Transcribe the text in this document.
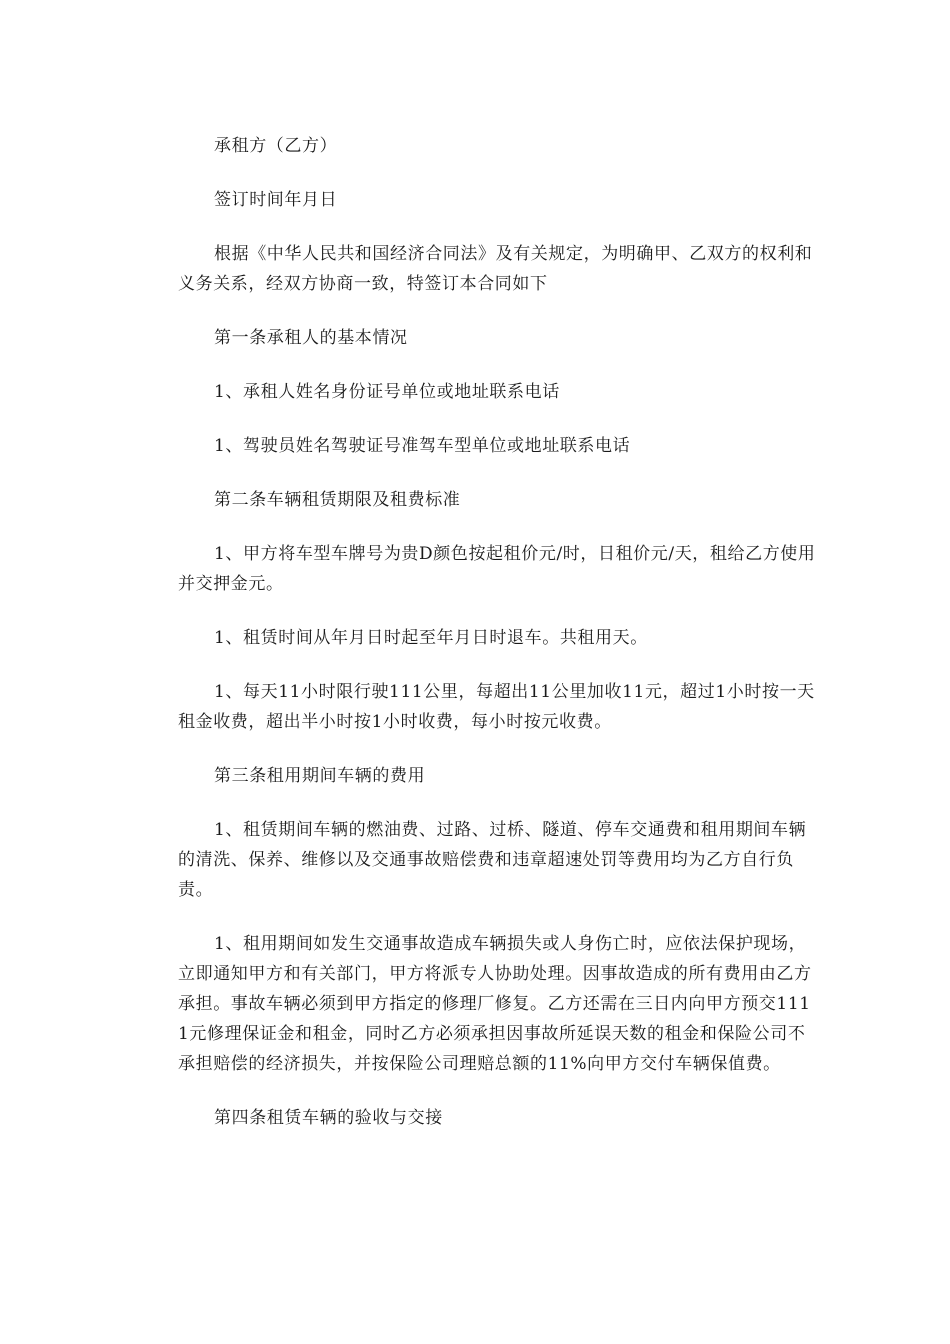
承租方（乙方）

签订时间年月日

根据《中华人民共和国经济合同法》及有关规定，为明确甲、乙双方的权利和义务关系，经双方协商一致，特签订本合同如下

第一条承租人的基本情况

1、承租人姓名身份证号单位或地址联系电话

1、驾驶员姓名驾驶证号准驾车型单位或地址联系电话

第二条车辆租赁期限及租费标准

1、甲方将车型车牌号为贵D颜色按起租价元/时，日租价元/天，租给乙方使用并交押金元。

1、租赁时间从年月日时起至年月日时退车。共租用天。

1、每天11小时限行驶111公里，每超出11公里加收11元，超过1小时按一天租金收费，超出半小时按1小时收费，每小时按元收费。

第三条租用期间车辆的费用

1、租赁期间车辆的燃油费、过路、过桥、隧道、停车交通费和租用期间车辆的清洗、保养、维修以及交通事故赔偿费和违章超速处罚等费用均为乙方自行负责。

1、租用期间如发生交通事故造成车辆损失或人身伤亡时，应依法保护现场，立即通知甲方和有关部门，甲方将派专人协助处理。因事故造成的所有费用由乙方承担。事故车辆必须到甲方指定的修理厂修复。乙方还需在三日内向甲方预交1111元修理保证金和租金，同时乙方必须承担因事故所延误天数的租金和保险公司不承担赔偿的经济损失，并按保险公司理赔总额的11%向甲方交付车辆保值费。

第四条租赁车辆的验收与交接
